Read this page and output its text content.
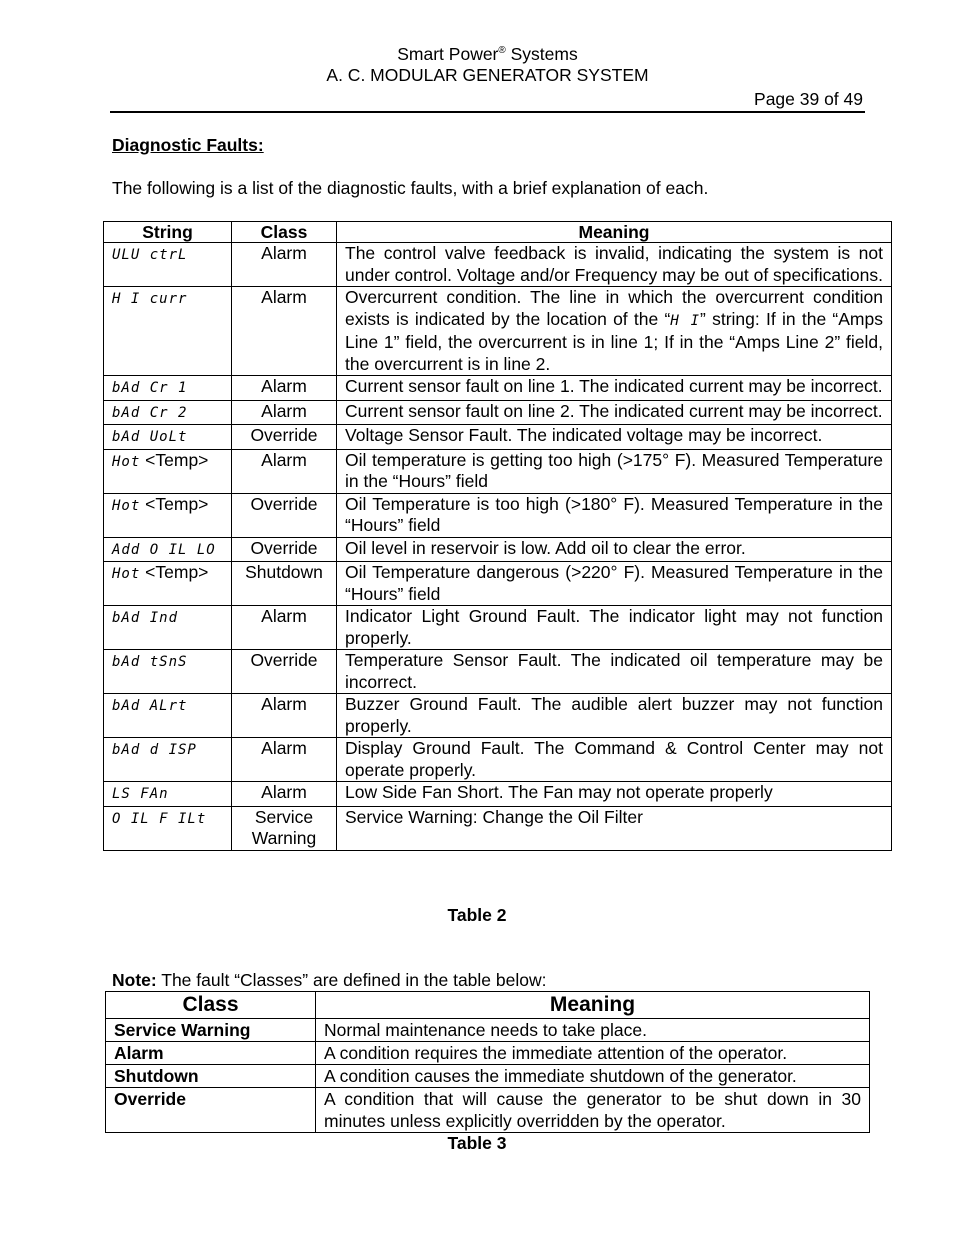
Smart Power® Systems
A. C. MODULAR GENERATOR SYSTEM
Page 39 of 49
Diagnostic Faults:
The following is a list of the diagnostic faults, with a brief explanation of each.
String	Class	Meaning
ULU ctrL	Alarm	The control valve feedback is invalid, indicating the system is not under control. Voltage and/or Frequency may be out of specifications.
H I curr	Alarm	Overcurrent condition. The line in which the overcurrent condition exists is indicated by the location of the “H I” string: If in the “Amps Line 1” field, the overcurrent is in line 1; If in the “Amps Line 2” field, the overcurrent is in line 2.
bAd Cr 1	Alarm	Current sensor fault on line 1. The indicated current may be incorrect.
bAd Cr 2	Alarm	Current sensor fault on line 2. The indicated current may be incorrect.
bAd UoLt	Override	Voltage Sensor Fault. The indicated voltage may be incorrect.
Hot <Temp>	Alarm	Oil temperature is getting too high (>175° F). Measured Temperature in the “Hours” field
Hot <Temp>	Override	Oil Temperature is too high (>180° F). Measured Temperature in the “Hours” field
Add O IL LO	Override	Oil level in reservoir is low. Add oil to clear the error.
Hot <Temp>	Shutdown	Oil Temperature dangerous (>220° F). Measured Temperature in the “Hours” field
bAd Ind	Alarm	Indicator Light Ground Fault. The indicator light may not function properly.
bAd tSnS	Override	Temperature Sensor Fault. The indicated oil temperature may be incorrect.
bAd ALrt	Alarm	Buzzer Ground Fault. The audible alert buzzer may not function properly.
bAd d ISP	Alarm	Display Ground Fault. The Command & Control Center may not operate properly.
LS FAn	Alarm	Low Side Fan Short. The Fan may not operate properly
O IL F ILt	Service Warning	Service Warning: Change the Oil Filter
Table 2
Note: The fault “Classes” are defined in the table below:
Class	Meaning
Service Warning	Normal maintenance needs to take place.
Alarm	A condition requires the immediate attention of the operator.
Shutdown	A condition causes the immediate shutdown of the generator.
Override	A condition that will cause the generator to be shut down in 30 minutes unless explicitly overridden by the operator.
Table 3
